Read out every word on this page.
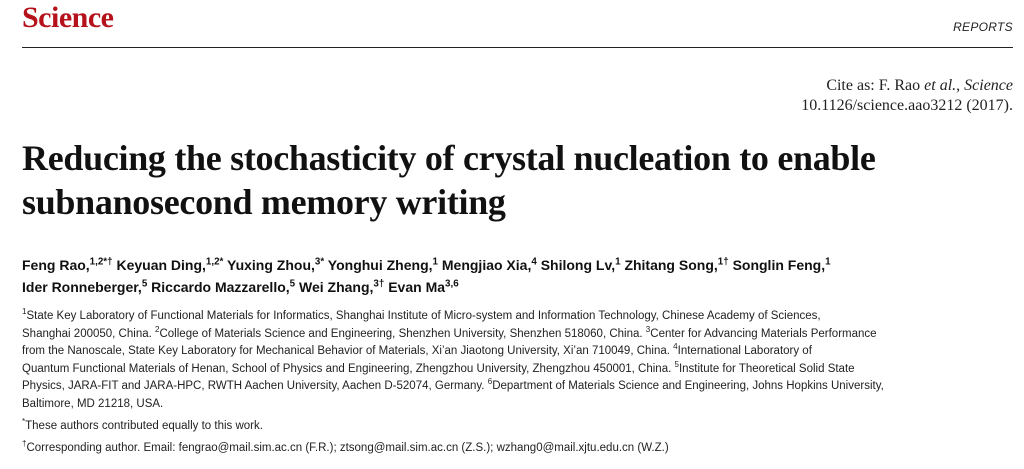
Science	REPORTS
Cite as: F. Rao et al., Science
10.1126/science.aao3212 (2017).
Reducing the stochasticity of crystal nucleation to enable
subnanosecond memory writing
Feng Rao,$^{1,2*\dagger}$ Keyuan Ding,$^{1,2*}$ Yuxing Zhou,$^{3*}$ Yonghui Zheng,$^1$ Mengjiao Xia,$^4$ Shilong Lv,$^1$ Zhitang Song,$^{1\dagger}$ Songlin Feng,$^1$
Ider Ronneberger,$^5$ Riccardo Mazzarello,$^5$ Wei Zhang,$^{3\dagger}$ Evan Ma$^{3,6}$
$^1$State Key Laboratory of Functional Materials for Informatics, Shanghai Institute of Micro-system and Information Technology, Chinese Academy of Sciences,
Shanghai 200050, China. $^2$College of Materials Science and Engineering, Shenzhen University, Shenzhen 518060, China. $^3$Center for Advancing Materials Performance
from the Nanoscale, State Key Laboratory for Mechanical Behavior of Materials, Xi’an Jiaotong University, Xi’an 710049, China. $^4$International Laboratory of
Quantum Functional Materials of Henan, School of Physics and Engineering, Zhengzhou University, Zhengzhou 450001, China. $^5$Institute for Theoretical Solid State
Physics, JARA-FIT and JARA-HPC, RWTH Aachen University, Aachen D-52074, Germany. $^6$Department of Materials Science and Engineering, Johns Hopkins University,
Baltimore, MD 21218, USA.
*These authors contributed equally to this work.
†Corresponding author. Email: fengrao@mail.sim.ac.cn (F.R.); ztsong@mail.sim.ac.cn (Z.S.); wzhang0@mail.xjtu.edu.cn (W.Z.)
